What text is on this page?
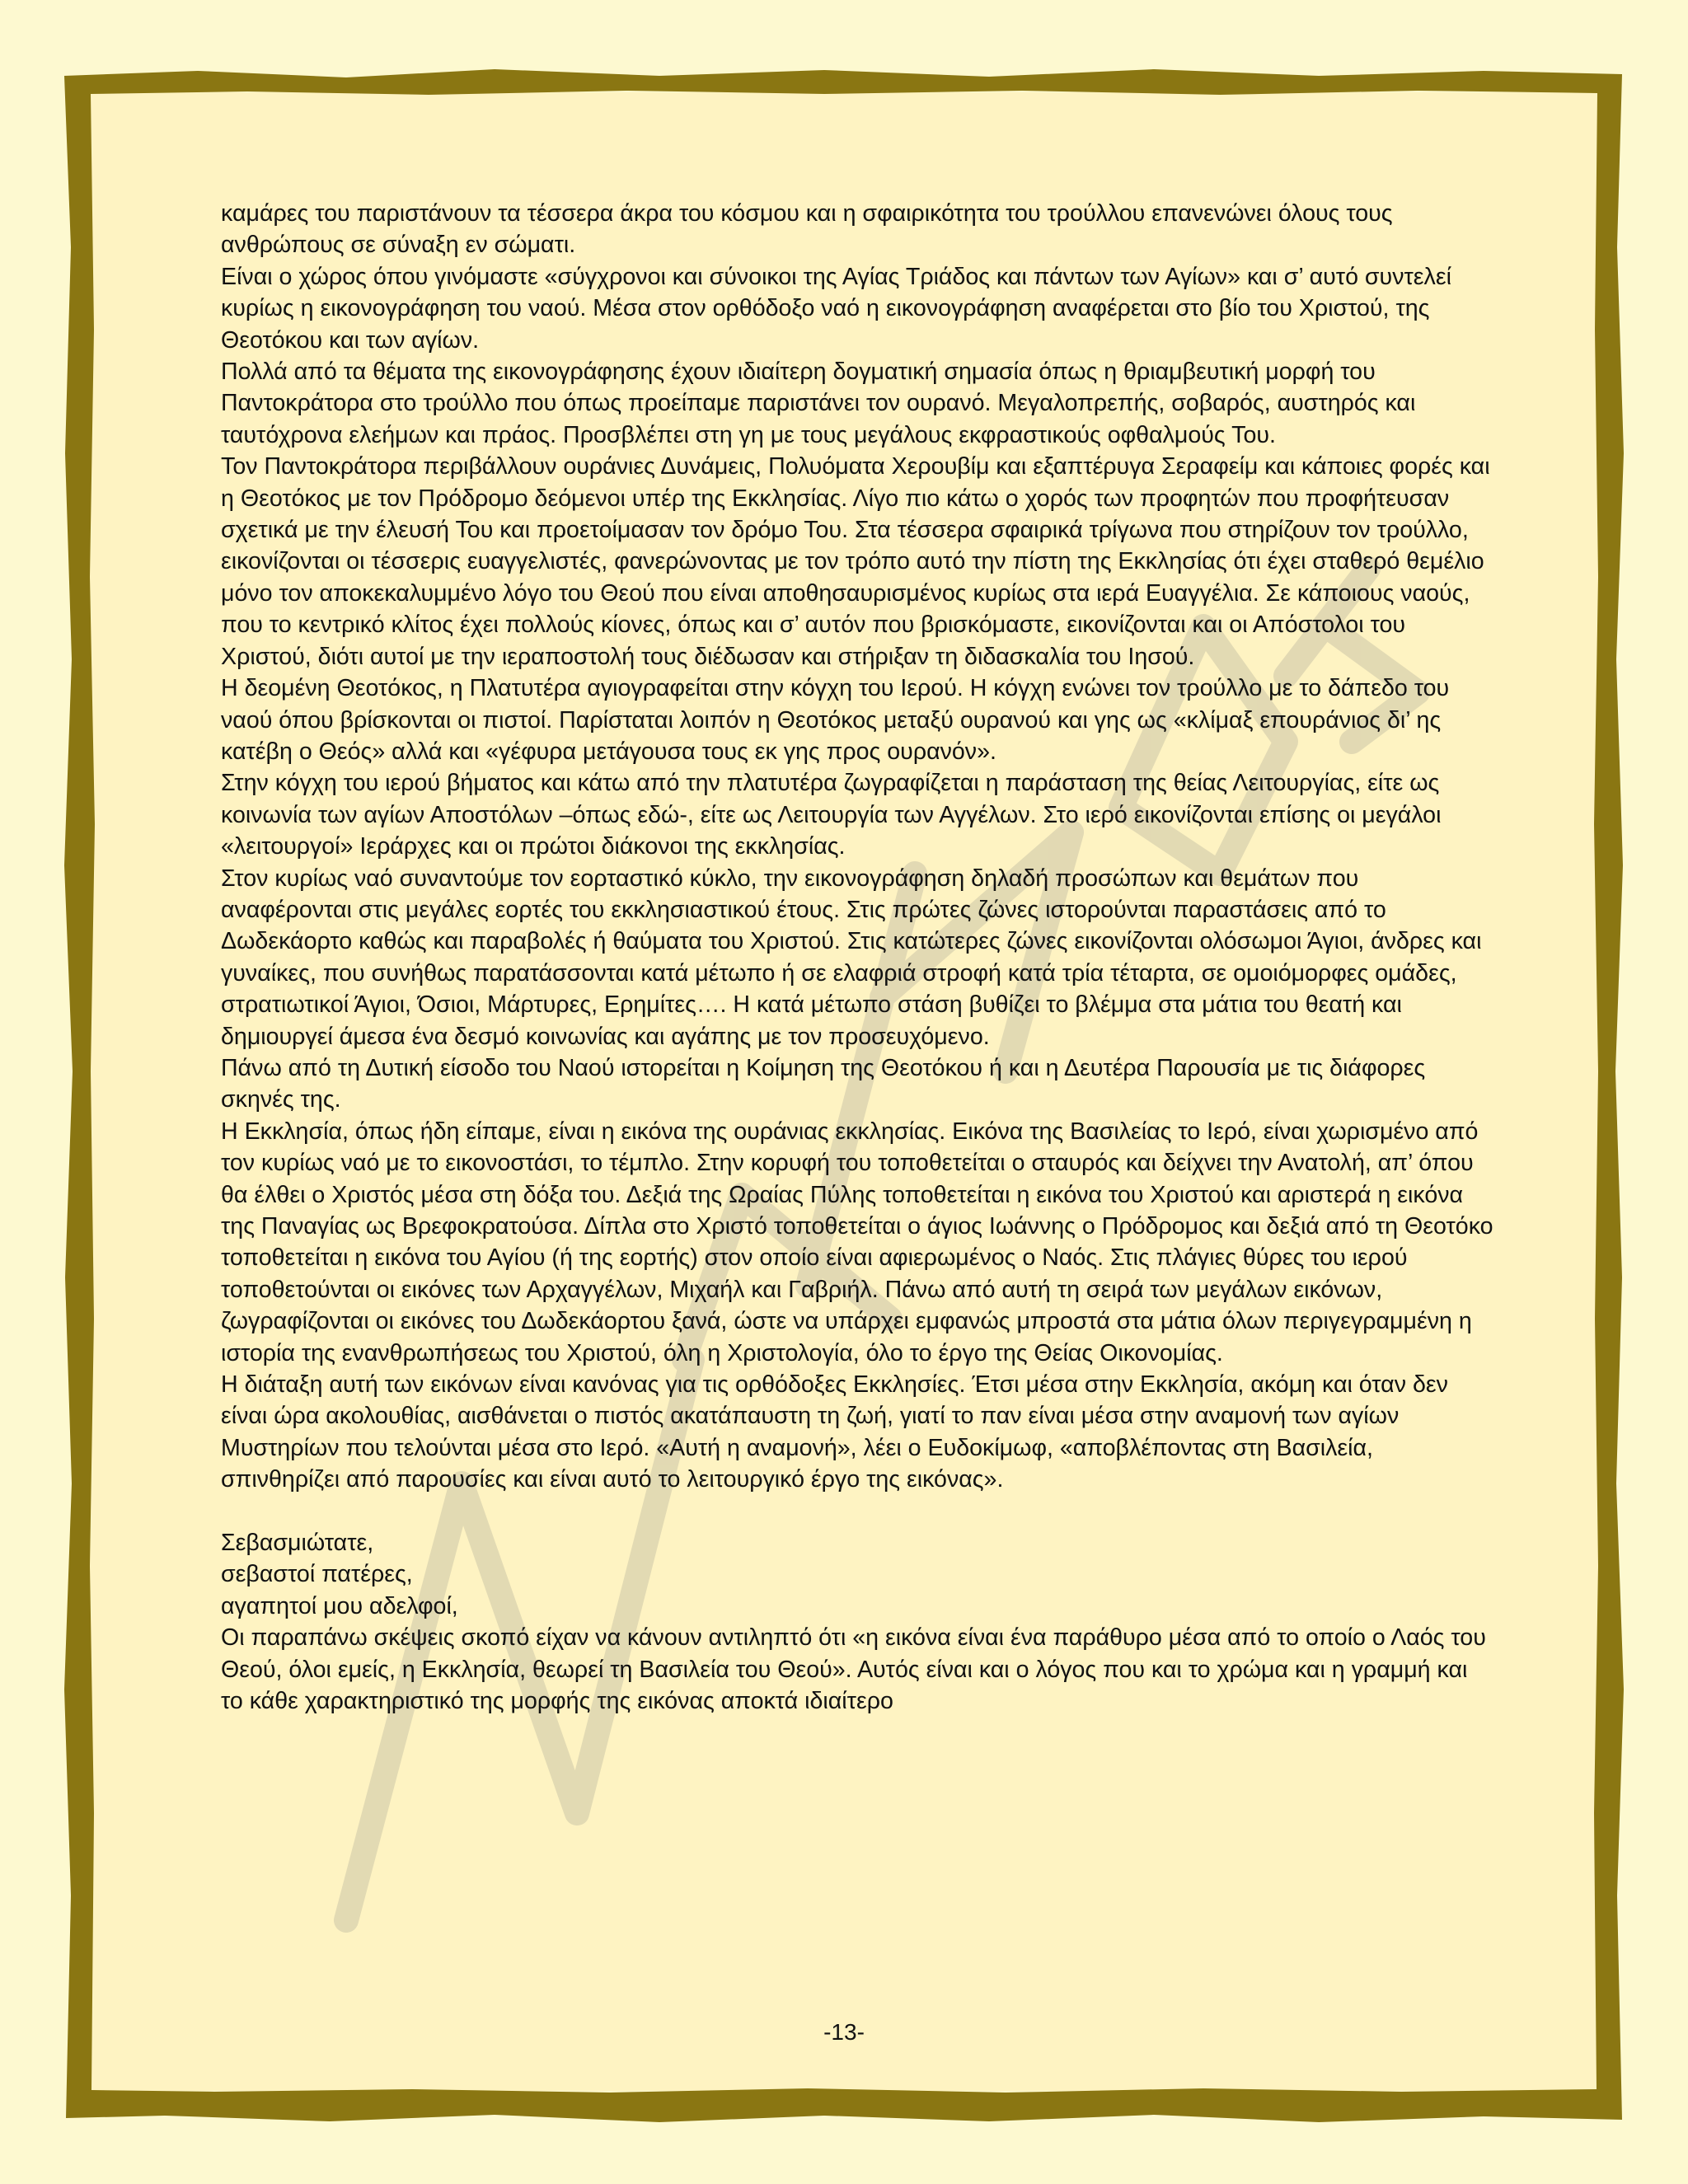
καμάρες του παριστάνουν τα τέσσερα άκρα του κόσμου και η σφαιρικότητα του τρούλλου επανενώνει όλους τους ανθρώπους σε σύναξη εν σώματι.

Είναι ο χώρος όπου γινόμαστε «σύγχρονοι και σύνοικοι της Αγίας Τριάδος και πάντων των Αγίων» και σ’ αυτό συντελεί κυρίως η εικονογράφηση του ναού. Μέσα στον ορθόδοξο ναό η εικονογράφηση αναφέρεται στο βίο του Χριστού, της Θεοτόκου και των αγίων.

Πολλά από τα θέματα της εικονογράφησης έχουν ιδιαίτερη δογματική σημασία όπως η θριαμβευτική μορφή του Παντοκράτορα στο τρούλλο που όπως προείπαμε παριστάνει τον ουρανό. Μεγαλοπρεπής, σοβαρός, αυστηρός και ταυτόχρονα ελεήμων και πράος. Προσβλέπει στη γη με τους μεγάλους εκφραστικούς οφθαλμούς Του.

Τον Παντοκράτορα περιβάλλουν ουράνιες Δυνάμεις, Πολυόματα Χερουβίμ και εξαπτέρυγα Σεραφείμ και κάποιες φορές και η Θεοτόκος με τον Πρόδρομο δεόμενοι υπέρ της Εκκλησίας. Λίγο πιο κάτω ο χορός των προφητών που προφήτευσαν σχετικά με την έλευσή Του και προετοίμασαν τον δρόμο Του. Στα τέσσερα σφαιρικά τρίγωνα που στηρίζουν τον τρούλλο, εικονίζονται οι τέσσερις ευαγγελιστές, φανερώνοντας με τον τρόπο αυτό την πίστη της Εκκλησίας ότι έχει σταθερό θεμέλιο μόνο τον αποκεκαλυμμένο λόγο του Θεού που είναι αποθησαυρισμένος κυρίως στα ιερά Ευαγγέλια. Σε κάποιους ναούς, που το κεντρικό κλίτος έχει πολλούς κίονες, όπως και σ’ αυτόν που βρισκόμαστε, εικονίζονται και οι Απόστολοι του Χριστού, διότι αυτοί με την ιεραποστολή τους διέδωσαν και στήριξαν τη διδασκαλία του Ιησού.

Η δεομένη Θεοτόκος, η Πλατυτέρα αγιογραφείται στην κόγχη του Ιερού. Η κόγχη ενώνει τον τρούλλο με το δάπεδο του ναού όπου βρίσκονται οι πιστοί. Παρίσταται λοιπόν η Θεοτόκος μεταξύ ουρανού και γης ως «κλίμαξ επουράνιος δι’ ης κατέβη ο Θεός» αλλά και «γέφυρα μετάγουσα τους εκ γης προς ουρανόν».

Στην κόγχη του ιερού βήματος και κάτω από την πλατυτέρα ζωγραφίζεται η παράσταση της θείας Λειτουργίας, είτε ως κοινωνία των αγίων Αποστόλων –όπως εδώ-, είτε ως Λειτουργία των Αγγέλων. Στο ιερό εικονίζονται επίσης οι μεγάλοι «λειτουργοί» Ιεράρχες και οι πρώτοι διάκονοι της εκκλησίας.

Στον κυρίως ναό συναντούμε τον εορταστικό κύκλο, την εικονογράφηση δηλαδή προσώπων και θεμάτων που αναφέρονται στις μεγάλες εορτές του εκκλησιαστικού έτους. Στις πρώτες ζώνες ιστορούνται παραστάσεις από το Δωδεκάορτο καθώς και παραβολές ή θαύματα του Χριστού. Στις κατώτερες ζώνες εικονίζονται ολόσωμοι Άγιοι, άνδρες και γυναίκες, που συνήθως παρατάσσονται κατά μέτωπο ή σε ελαφριά στροφή κατά τρία τέταρτα, σε ομοιόμορφες ομάδες, στρατιωτικοί Άγιοι, Όσιοι, Μάρτυρες, Ερημίτες…. Η κατά μέτωπο στάση βυθίζει το βλέμμα στα μάτια του θεατή και δημιουργεί άμεσα ένα δεσμό κοινωνίας και αγάπης με τον προσευχόμενο.

Πάνω από τη Δυτική είσοδο του Ναού ιστορείται η Κοίμηση της Θεοτόκου ή και η Δευτέρα Παρουσία με τις διάφορες σκηνές της.

Η Εκκλησία, όπως ήδη είπαμε, είναι η εικόνα της ουράνιας εκκλησίας. Εικόνα της Βασιλείας το Ιερό, είναι χωρισμένο από τον κυρίως ναό με το εικονοστάσι, το τέμπλο. Στην κορυφή του τοποθετείται ο σταυρός και δείχνει την Ανατολή, απ’ όπου θα έλθει ο Χριστός μέσα στη δόξα του. Δεξιά της Ωραίας Πύλης τοποθετείται η εικόνα του Χριστού και αριστερά η εικόνα της Παναγίας ως Βρεφοκρατούσα. Δίπλα στο Χριστό τοποθετείται ο άγιος Ιωάννης ο Πρόδρομος και δεξιά από τη Θεοτόκο τοποθετείται η εικόνα του Αγίου (ή της εορτής) στον οποίο είναι αφιερωμένος ο Ναός. Στις πλάγιες θύρες του ιερού τοποθετούνται οι εικόνες των Αρχαγγέλων, Μιχαήλ και Γαβριήλ. Πάνω από αυτή τη σειρά των μεγάλων εικόνων, ζωγραφίζονται οι εικόνες του Δωδεκάορτου ξανά, ώστε να υπάρχει εμφανώς μπροστά στα μάτια όλων περιγεγραμμένη η ιστορία της ενανθρωπήσεως του Χριστού, όλη η Χριστολογία, όλο το έργο της Θείας Οικονομίας.

Η διάταξη αυτή των εικόνων είναι κανόνας για τις ορθόδοξες Εκκλησίες. Έτσι μέσα στην Εκκλησία, ακόμη και όταν δεν είναι ώρα ακολουθίας, αισθάνεται ο πιστός ακατάπαυστη τη ζωή, γιατί το παν είναι μέσα στην αναμονή των αγίων Μυστηρίων που τελούνται μέσα στο Ιερό. «Αυτή η αναμονή», λέει ο Ευδοκίμωφ, «αποβλέποντας στη Βασιλεία, σπινθηρίζει από παρουσίες και είναι αυτό το λειτουργικό έργο της εικόνας».

Σεβασμιώτατε,

σεβαστοί πατέρες,

αγαπητοί μου αδελφοί,

Οι παραπάνω σκέψεις σκοπό είχαν να κάνουν αντιληπτό ότι «η εικόνα είναι ένα παράθυρο μέσα από το οποίο ο Λαός του Θεού, όλοι εμείς, η Εκκλησία, θεωρεί τη Βασιλεία του Θεού». Αυτός είναι και ο λόγος που και το χρώμα και η γραμμή και το κάθε χαρακτηριστικό της μορφής της εικόνας αποκτά ιδιαίτερο

-13-
